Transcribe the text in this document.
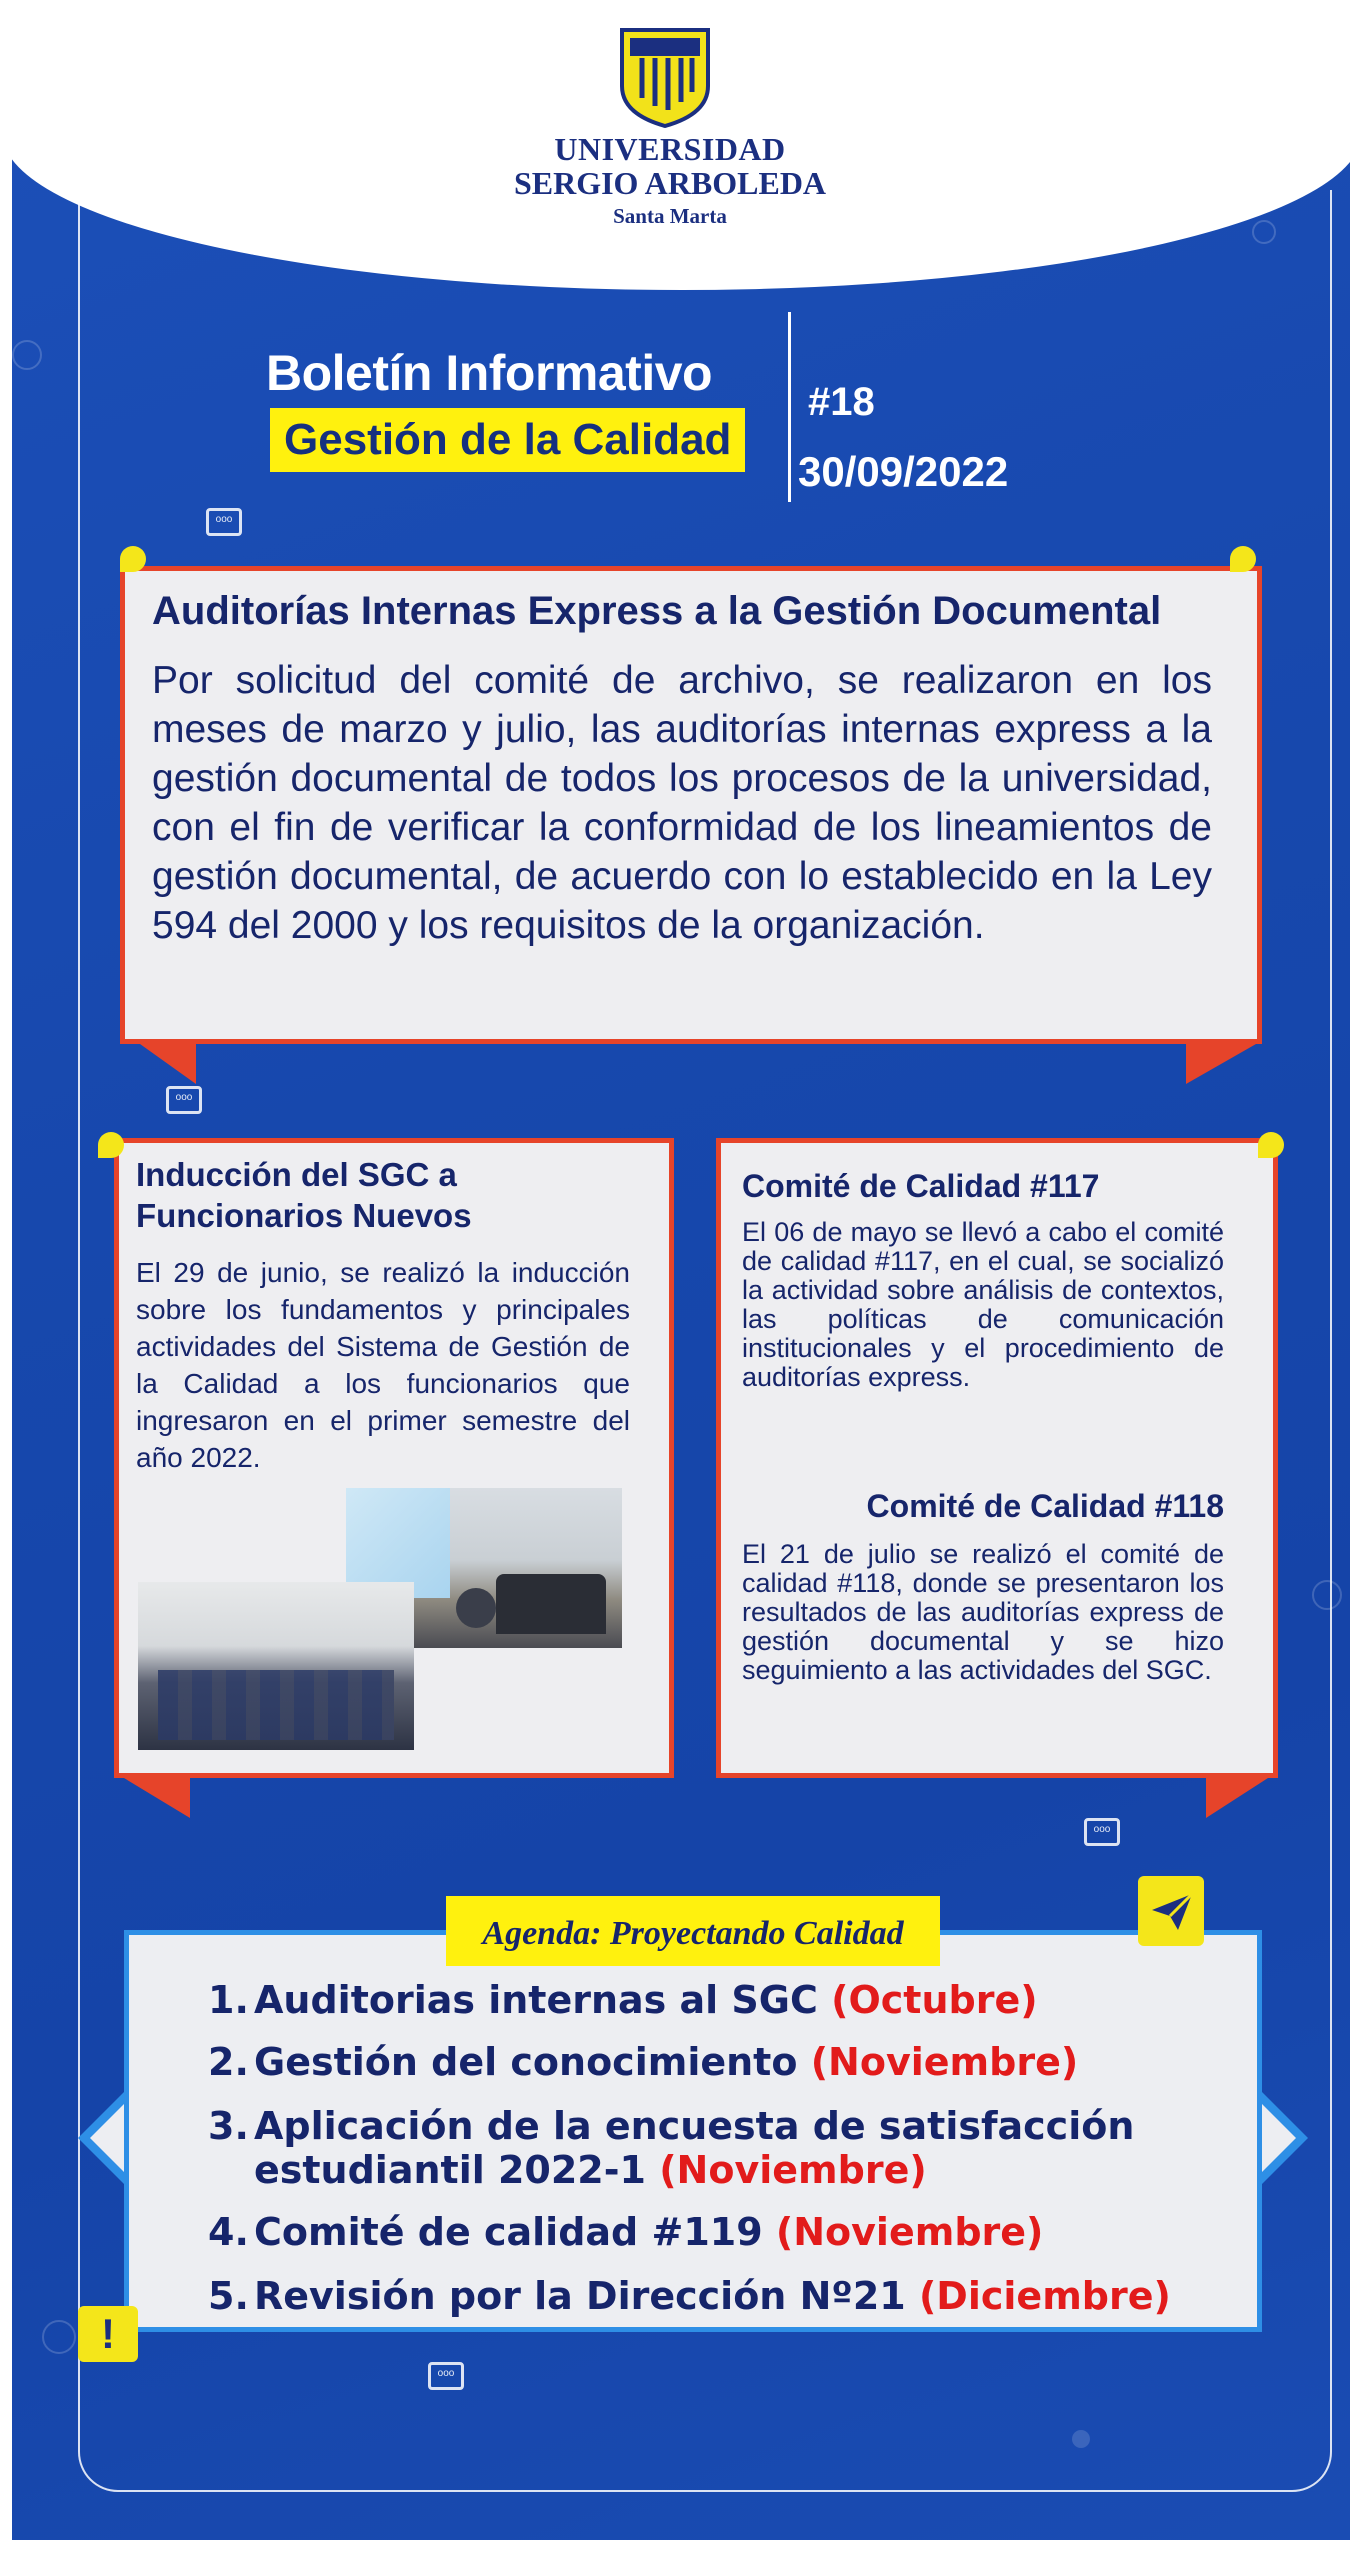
UNIVERSIDAD
SERGIO ARBOLEDA
Santa Marta
Boletín Informativo
Gestión de la Calidad
#18
30/09/2022
ooo
Auditorías Internas Express a la Gestión Documental
Por solicitud del comité de archivo, se realizaron en los meses de marzo y julio, las auditorías internas express a la gestión documental de todos los procesos de la universidad, con el fin de verificar la conformidad de los lineamientos de gestión documental, de acuerdo con lo establecido en la Ley 594 del 2000 y los requisitos de la organización.
ooo
Inducción del SGC a Funcionarios Nuevos
El 29 de junio, se realizó la inducción sobre los fundamentos y principales actividades del Sistema de Gestión de la Calidad a los funcionarios que ingresaron en el primer semestre del año 2022.
Comité de Calidad #117
El 06 de mayo se llevó a cabo el comité de calidad #117, en el cual, se socializó la actividad sobre análisis de contextos, las políticas de comunicación institucionales y el procedimiento de auditorías express.
Comité de Calidad #118
El 21 de julio se realizó el comité de calidad #118, donde se presentaron los resultados de las auditorías express de gestión documental y se hizo seguimiento a las actividades del SGC.
ooo
Agenda: Proyectando Calidad
1. Auditorias internas al SGC (Octubre)
2. Gestión del conocimiento (Noviembre)
3. Aplicación de la encuesta de satisfacción
estudiantil 2022-1 (Noviembre)
4. Comité de calidad #119 (Noviembre)
5. Revisión por la Dirección Nº21 (Diciembre)
!
ooo
